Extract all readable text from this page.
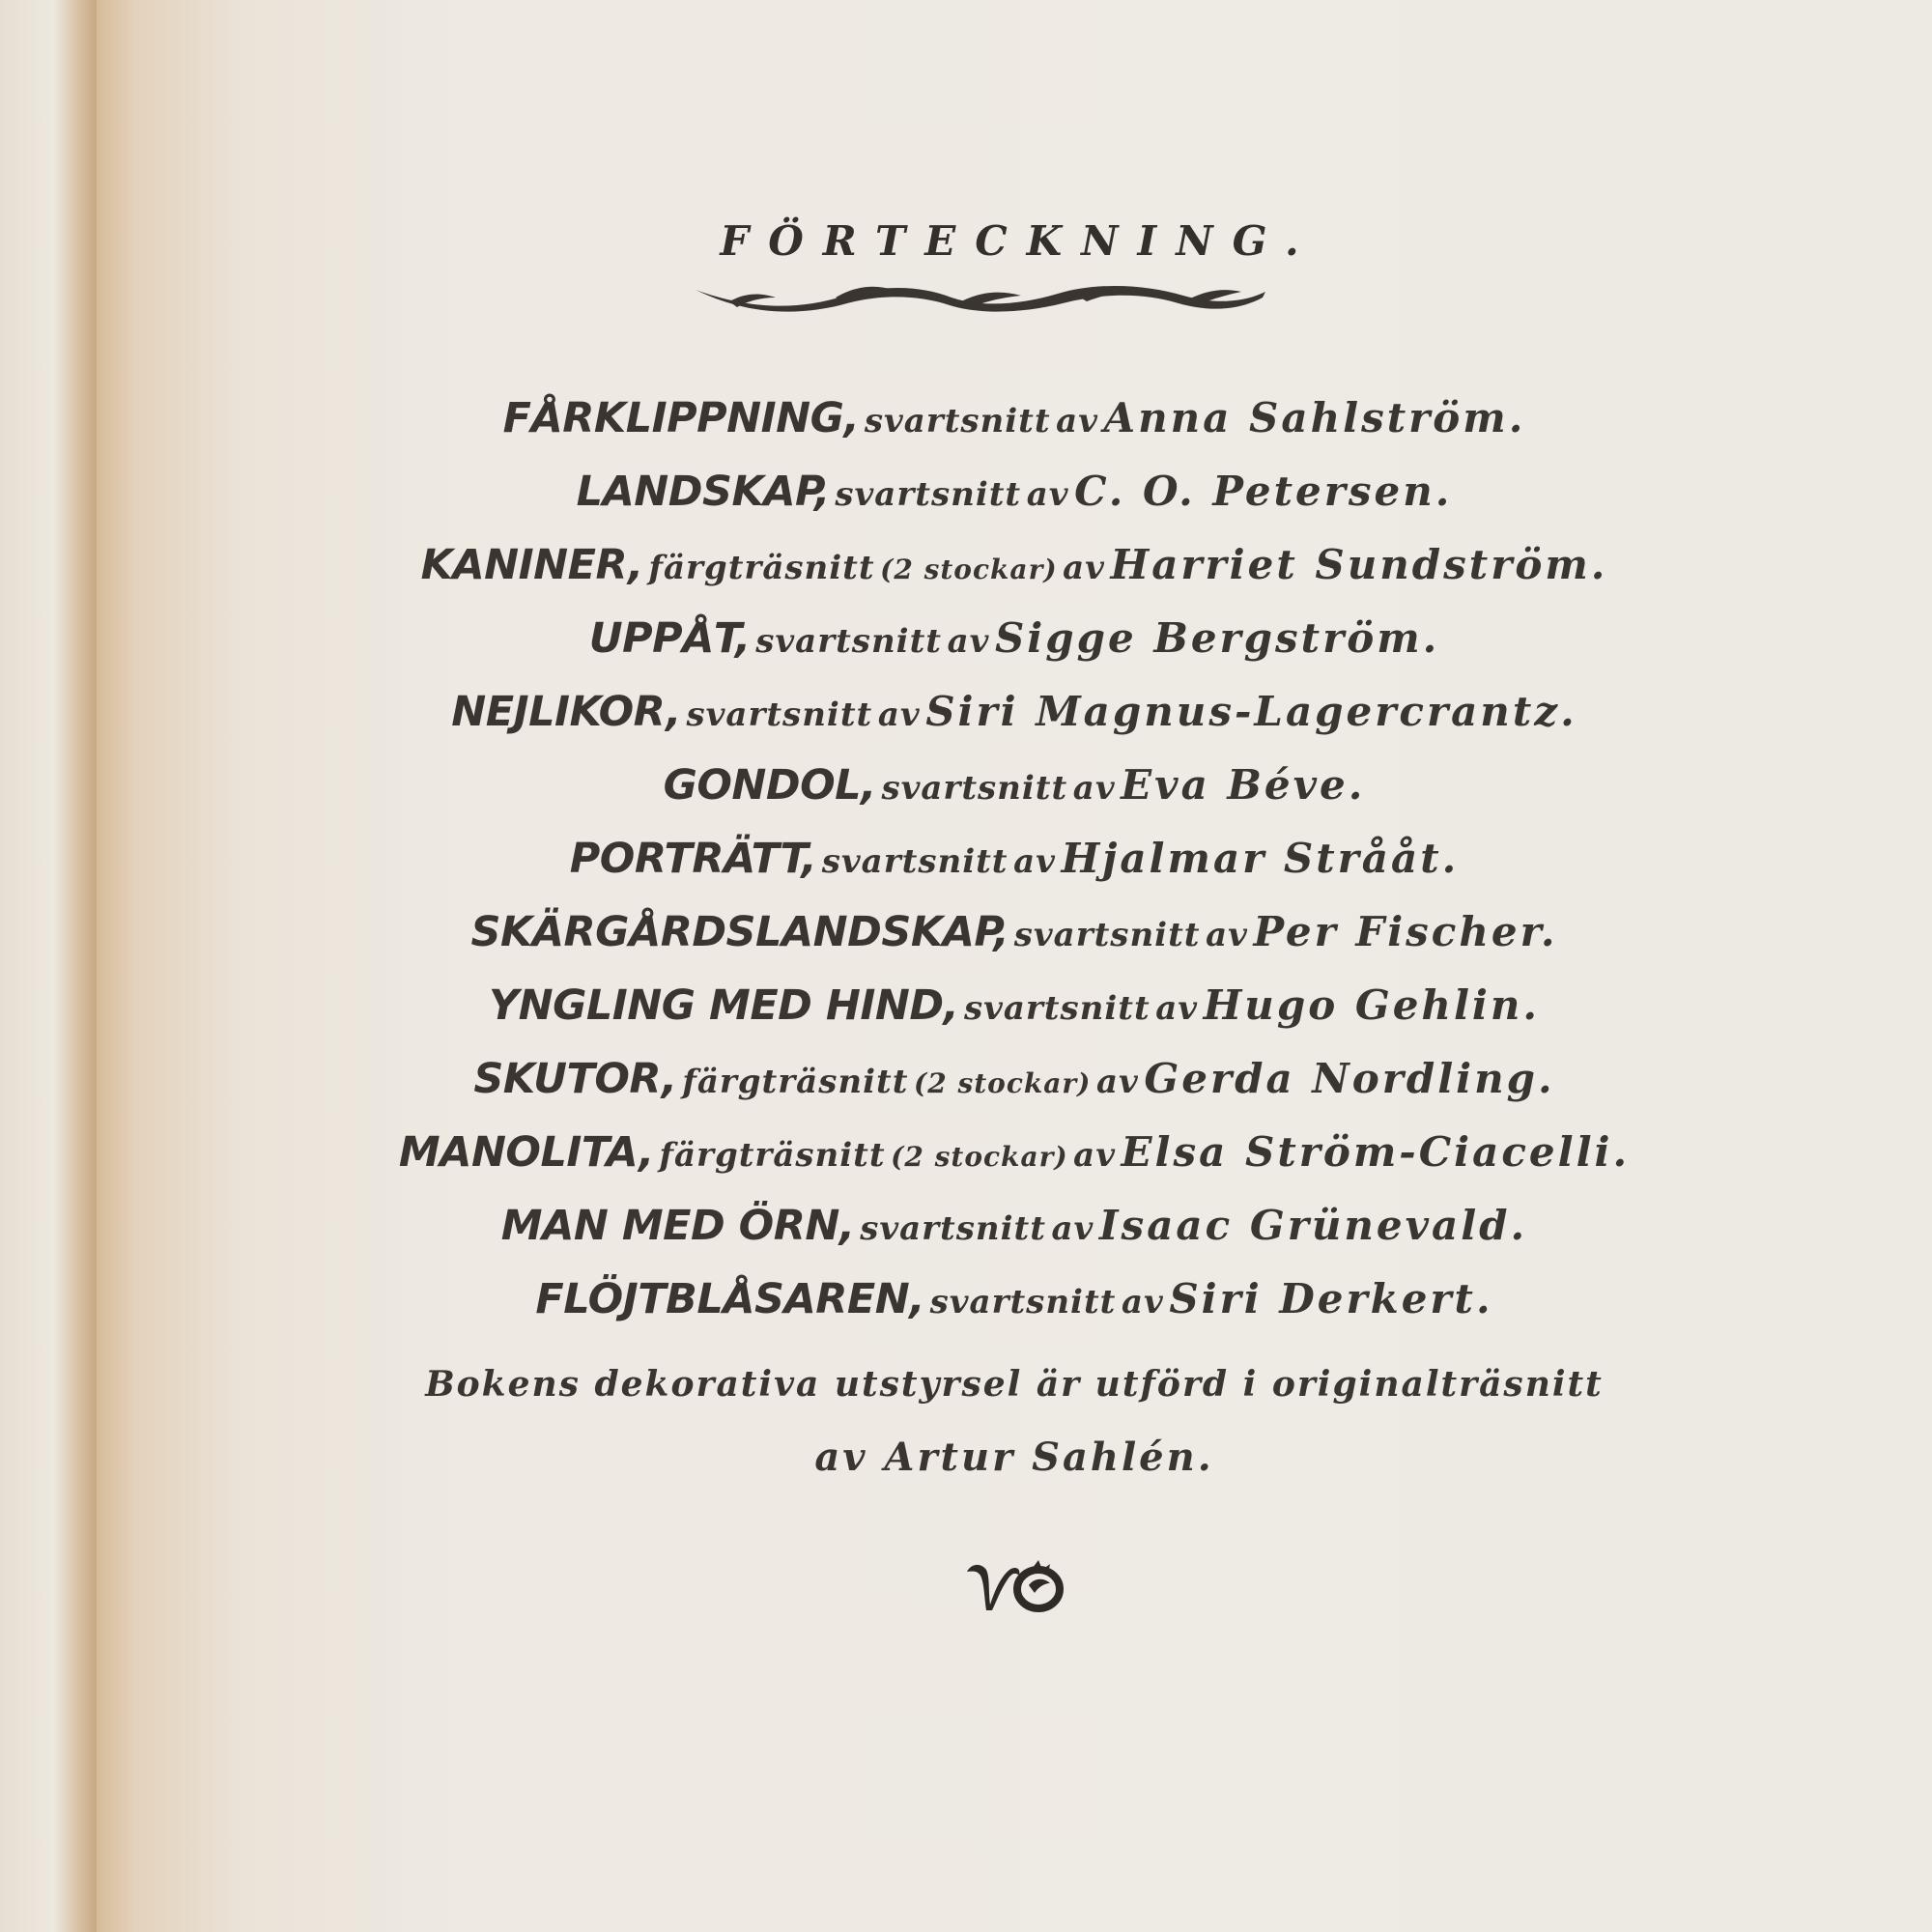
FÖRTECKNING.
FÅRKLIPPNING, svartsnitt av Anna Sahlström.
LANDSKAP, svartsnitt av C. O. Petersen.
KANINER, färgträsnitt (2 stockar) av Harriet Sundström.
UPPÅT, svartsnitt av Sigge Bergström.
NEJLIKOR, svartsnitt av Siri Magnus-Lagercrantz.
GONDOL, svartsnitt av Eva Béve.
PORTRÄTT, svartsnitt av Hjalmar Strååt.
SKÄRGÅRDSLANDSKAP, svartsnitt av Per Fischer.
YNGLING MED HIND, svartsnitt av Hugo Gehlin.
SKUTOR, färgträsnitt (2 stockar) av Gerda Nordling.
MANOLITA, färgträsnitt (2 stockar) av Elsa Ström-Ciacelli.
MAN MED ÖRN, svartsnitt av Isaac Grünevald.
FLÖJTBLÅSAREN, svartsnitt av Siri Derkert.
Bokens dekorativa utstyrsel är utförd i originalträsnitt
av Artur Sahlén.
